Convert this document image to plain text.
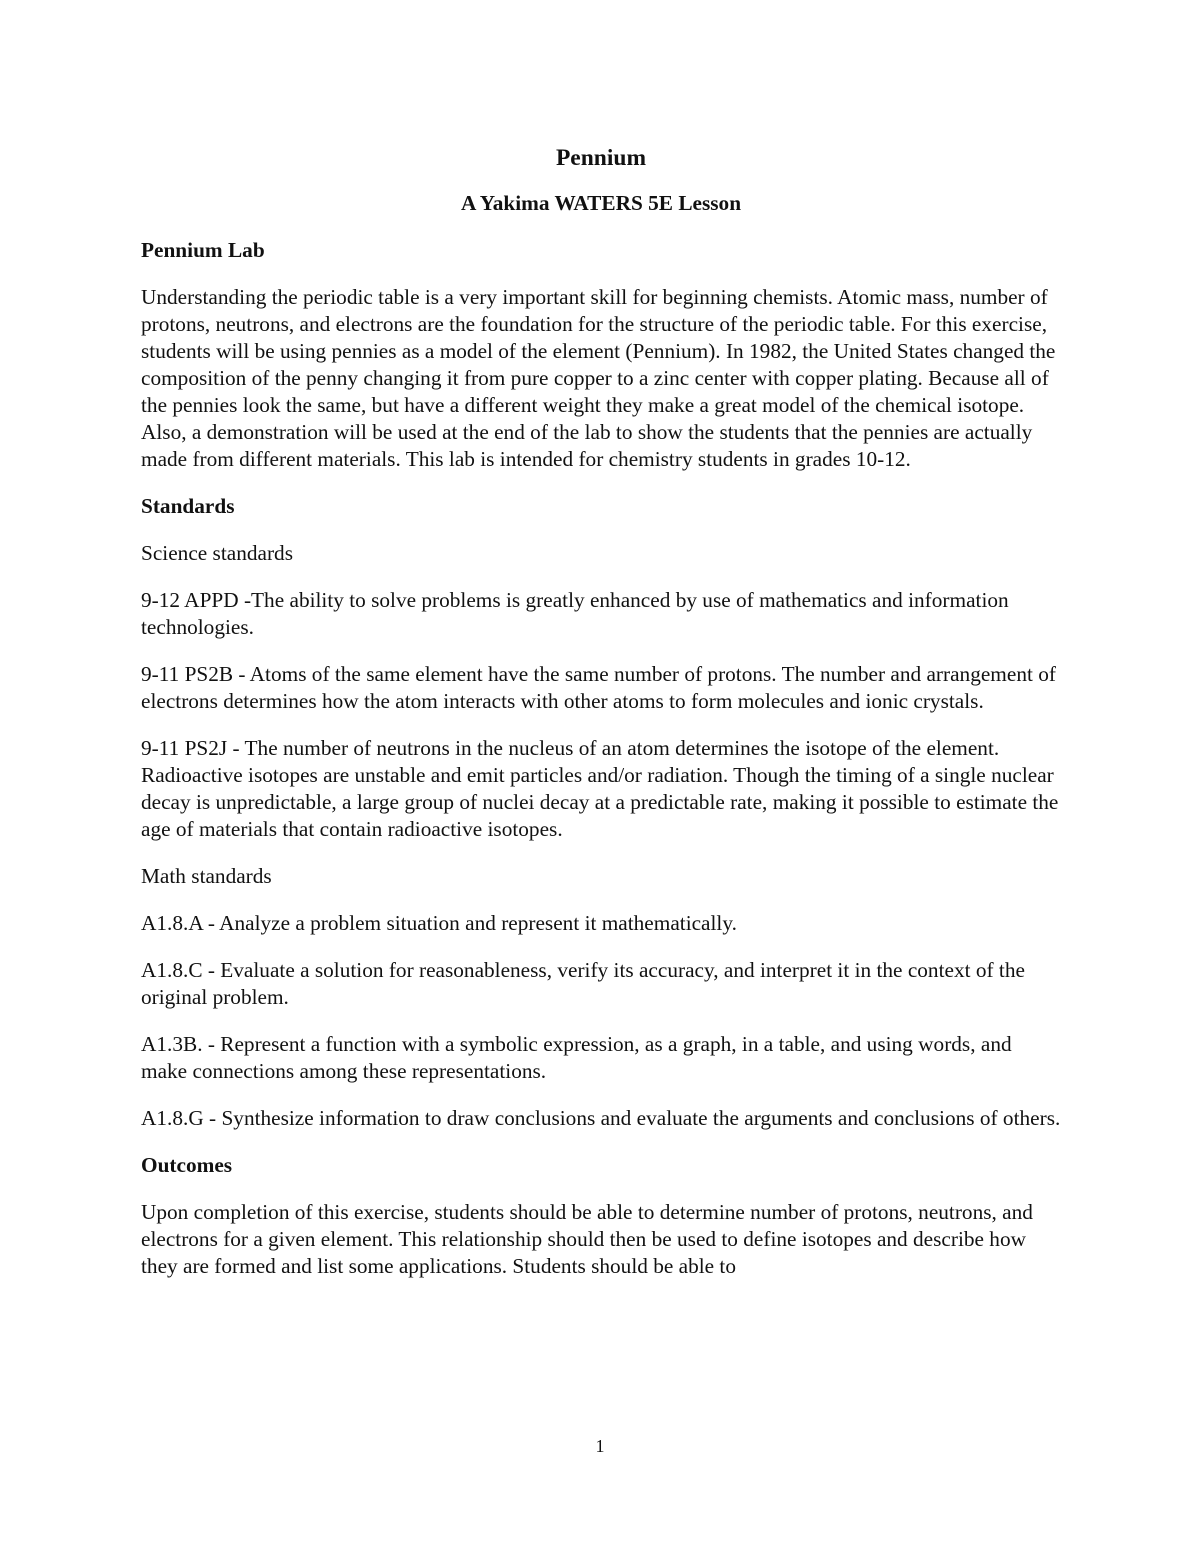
Pennium
A Yakima WATERS 5E Lesson
Pennium Lab

Understanding the periodic table is a very important skill for beginning chemists. Atomic mass, number of protons, neutrons, and electrons are the foundation for the structure of the periodic table. For this exercise, students will be using pennies as a model of the element (Pennium). In 1982, the United States changed the composition of the penny changing it from pure copper to a zinc center with copper plating. Because all of the pennies look the same, but have a different weight they make a great model of the chemical isotope. Also, a demonstration will be used at the end of the lab to show the students that the pennies are actually made from different materials. This lab is intended for chemistry students in grades 10-12.

Standards

Science standards

9-12 APPD -The ability to solve problems is greatly enhanced by use of mathematics and information technologies.

9-11 PS2B - Atoms of the same element have the same number of protons. The number and arrangement of electrons determines how the atom interacts with other atoms to form molecules and ionic crystals.

9-11 PS2J - The number of neutrons in the nucleus of an atom determines the isotope of the element. Radioactive isotopes are unstable and emit particles and/or radiation. Though the timing of a single nuclear decay is unpredictable, a large group of nuclei decay at a predictable rate, making it possible to estimate the age of materials that contain radioactive isotopes.

Math standards

A1.8.A - Analyze a problem situation and represent it mathematically.

A1.8.C - Evaluate a solution for reasonableness, verify its accuracy, and interpret it in the context of the original problem.

A1.3B. - Represent a function with a symbolic expression, as a graph, in a table, and using words, and make connections among these representations.

A1.8.G - Synthesize information to draw conclusions and evaluate the arguments and conclusions of others.

Outcomes

Upon completion of this exercise, students should be able to determine number of protons, neutrons, and electrons for a given element. This relationship should then be used to define isotopes and describe how they are formed and list some applications. Students should be able to

1
